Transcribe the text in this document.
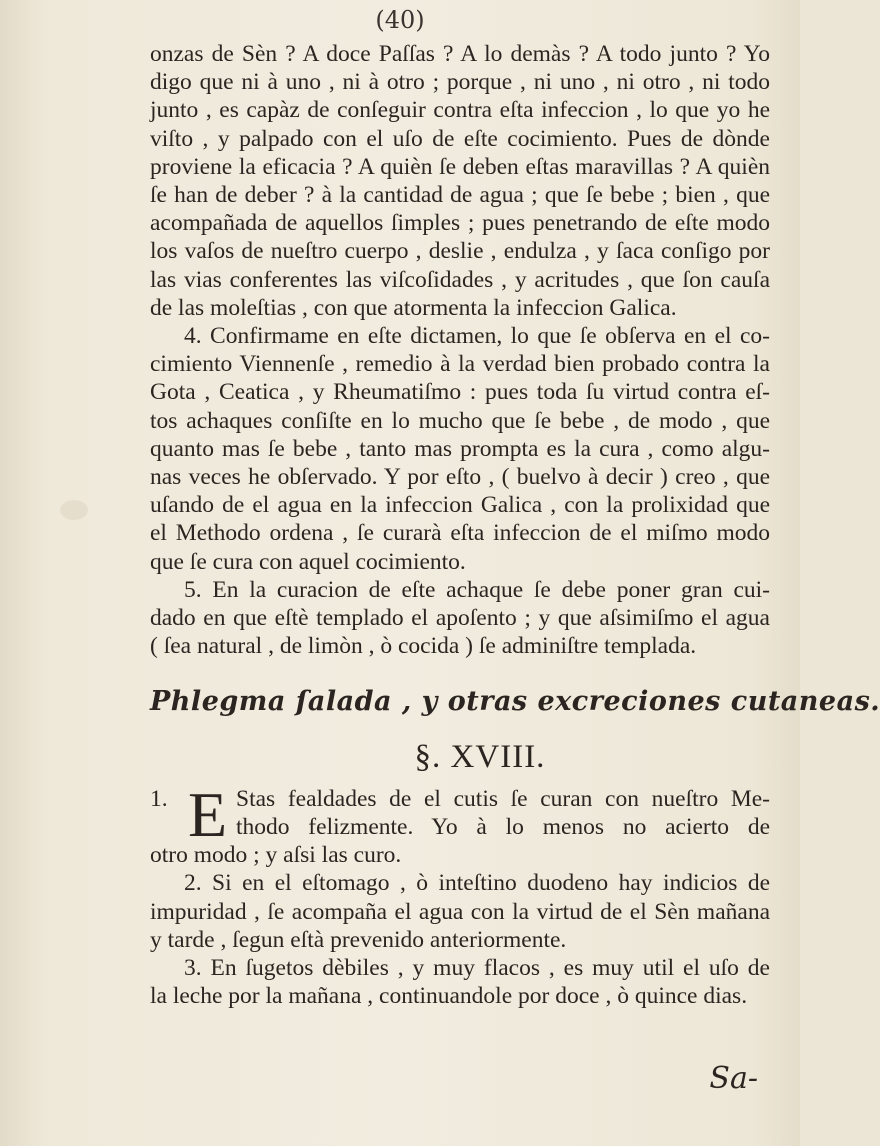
(40)
onzas de Sèn ? A doce Paſſas ? A lo demàs ? A todo junto ? Yo
digo que ni à uno , ni à otro ; porque , ni uno , ni otro , ni todo
junto , es capàz de conſeguir contra eſta infeccion , lo que yo he
viſto , y palpado con el uſo de eſte cocimiento. Pues de dònde
proviene la eficacia ? A quièn ſe deben eſtas maravillas ? A quièn
ſe han de deber ? à la cantidad de agua ; que ſe bebe ; bien , que
acompañada de aquellos ſimples ; pues penetrando de eſte modo
los vaſos de nueſtro cuerpo , deslie , endulza , y ſaca conſigo por
las vias conferentes las viſcoſidades , y acritudes , que ſon cauſa
de las moleſtias , con que atormenta la infeccion Galica.
4. Confirmame en eſte dictamen, lo que ſe obſerva en el co-
cimiento Viennenſe , remedio à la verdad bien probado contra la
Gota , Ceatica , y Rheumatiſmo : pues toda ſu virtud contra eſ-
tos achaques conſiſte en lo mucho que ſe bebe , de modo , que
quanto mas ſe bebe , tanto mas prompta es la cura , como algu-
nas veces he obſervado. Y por eſto , ( buelvo à decir ) creo , que
uſando de el agua en la infeccion Galica , con la prolixidad que
el Methodo ordena , ſe curarà eſta infeccion de el miſmo modo
que ſe cura con aquel cocimiento.
5. En la curacion de eſte achaque ſe debe poner gran cui-
dado en que eſtè templado el apoſento ; y que aſsimiſmo el agua
( ſea natural , de limòn , ò cocida ) ſe adminiſtre templada.
Phlegma ſalada , y otras excreciones cutaneas.
§. XVIII.
1. E Stas fealdades de el cutis ſe curan con nueſtro Me-
thodo felizmente. Yo à lo menos no acierto de
otro modo ; y aſsi las curo.
2. Si en el eſtomago , ò inteſtino duodeno hay indicios de
impuridad , ſe acompaña el agua con la virtud de el Sèn mañana
y tarde , ſegun eſtà prevenido anteriormente.
3. En ſugetos dèbiles , y muy flacos , es muy util el uſo de
la leche por la mañana , continuandole por doce , ò quince dias.
Sa-
